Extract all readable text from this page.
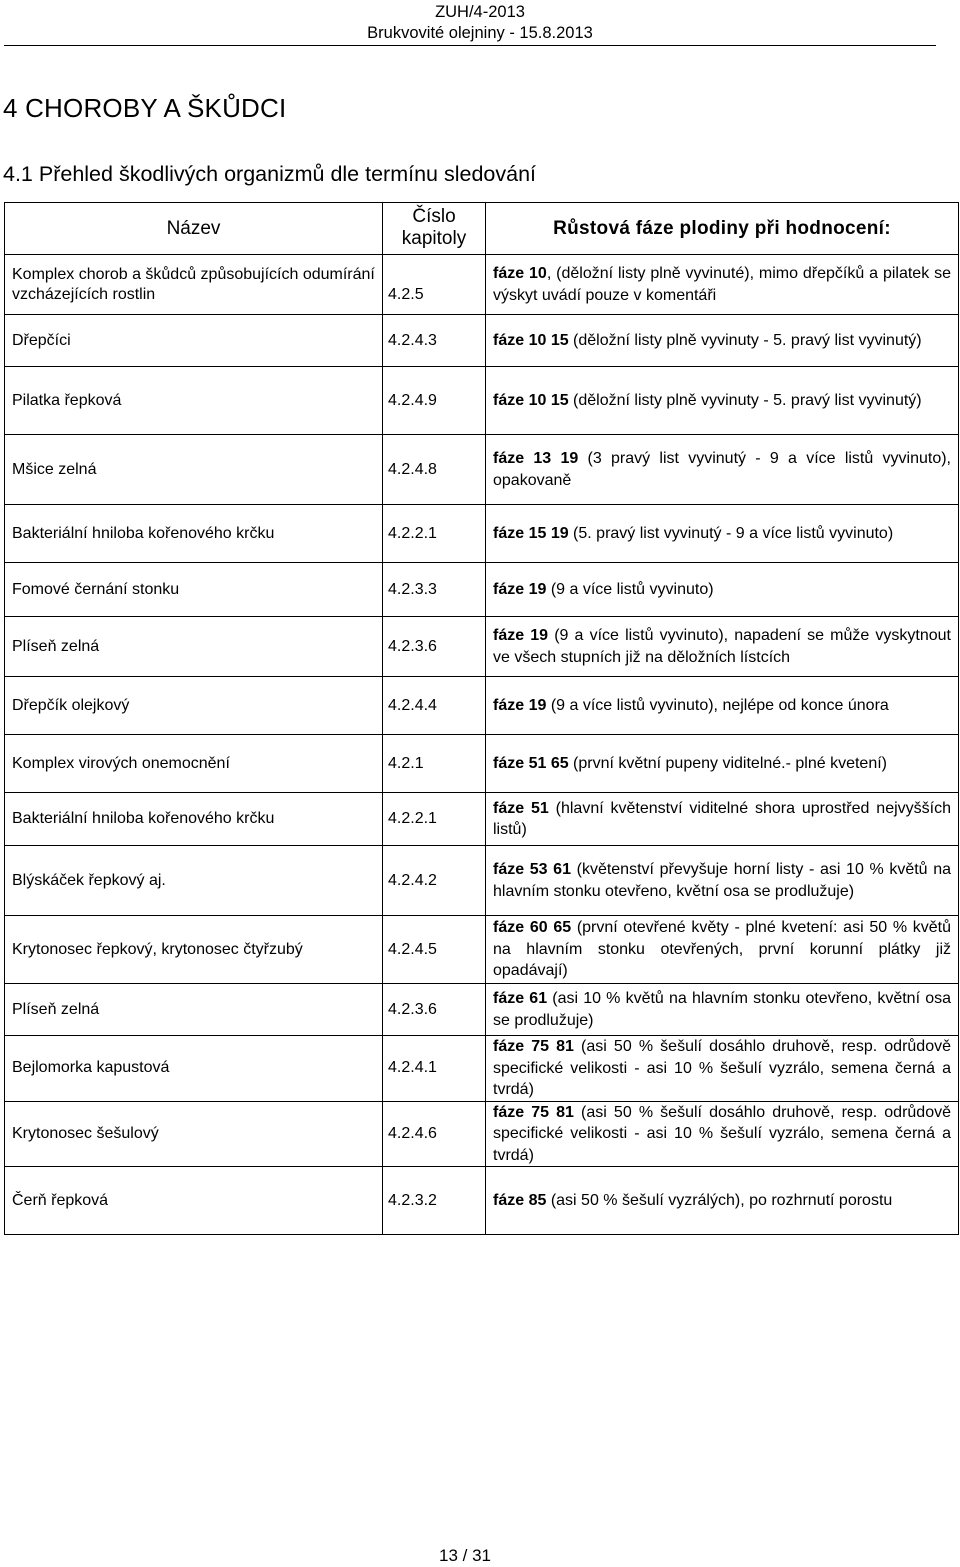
ZUH/4-2013
Brukvovité olejniny - 15.8.2013
4 CHOROBY A ŠKŮDCI
4.1 Přehled škodlivých organizmů dle termínu sledování
Název	Číslo kapitoly	Růstová fáze plodiny při hodnocení:
Komplex chorob a škůdců způsobujících odumírání vzcházejících rostlin	4.2.5	fáze 10, (děložní listy plně vyvinuté), mimo dřepčíků a pilatek se výskyt uvádí pouze v komentáři
Dřepčíci	4.2.4.3	fáze 10 15 (děložní listy plně vyvinuty - 5. pravý list vyvinutý)
Pilatka řepková	4.2.4.9	fáze 10 15 (děložní listy plně vyvinuty - 5. pravý list vyvinutý)
Mšice zelná	4.2.4.8	fáze 13 19 (3 pravý list vyvinutý - 9 a více listů vyvinuto), opakovaně
Bakteriální hniloba kořenového krčku	4.2.2.1	fáze 15 19 (5. pravý list vyvinutý - 9 a více listů vyvinuto)
Fomové černání stonku	4.2.3.3	fáze 19 (9 a více listů vyvinuto)
Plíseň zelná	4.2.3.6	fáze 19 (9 a více listů vyvinuto), napadení se může vyskytnout ve všech stupních již na děložních lístcích
Dřepčík olejkový	4.2.4.4	fáze 19 (9 a více listů vyvinuto), nejlépe od konce února
Komplex virových onemocnění	4.2.1	fáze 51 65 (první květní pupeny viditelné.- plné kvetení)
Bakteriální hniloba kořenového krčku	4.2.2.1	fáze 51 (hlavní květenství viditelné shora uprostřed nejvyšších listů)
Blýskáček řepkový aj.	4.2.4.2	fáze 53 61 (květenství převyšuje horní listy - asi 10 % květů na hlavním stonku otevřeno, květní osa se prodlužuje)
Krytonosec řepkový, krytonosec čtyřzubý	4.2.4.5	fáze 60 65 (první otevřené květy - plné kvetení: asi 50 % květů na hlavním stonku otevřených, první korunní plátky již opadávají)
Plíseň zelná	4.2.3.6	fáze 61 (asi 10 % květů na hlavním stonku otevřeno, květní osa se prodlužuje)
Bejlomorka kapustová	4.2.4.1	fáze 75 81 (asi 50 % šešulí dosáhlo druhově, resp. odrůdově specifické velikosti - asi 10 % šešulí vyzrálo, semena černá a tvrdá)
Krytonosec šešulový	4.2.4.6	fáze 75 81 (asi 50 % šešulí dosáhlo druhově, resp. odrůdově specifické velikosti - asi 10 % šešulí vyzrálo, semena černá a tvrdá)
Čerň řepková	4.2.3.2	fáze 85 (asi 50 % šešulí vyzrálých), po rozhrnutí porostu
13 / 31
